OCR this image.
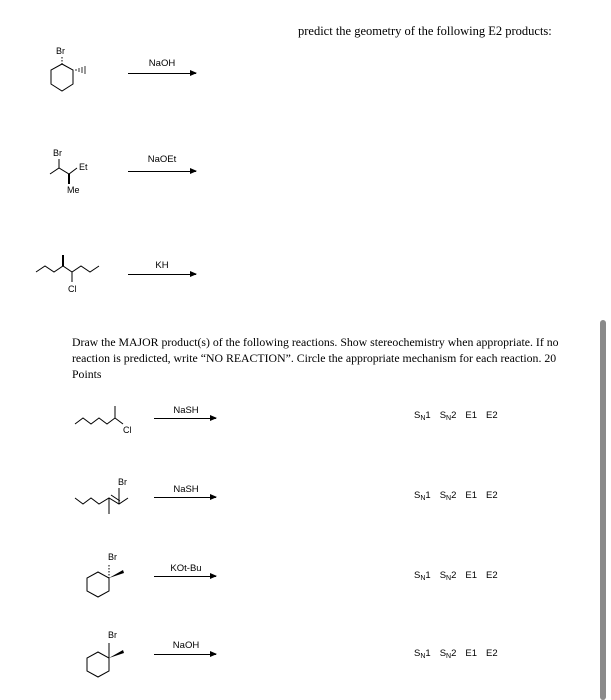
predict the geometry of the following E2 products:
Br
NaOH
Br
Et
Me
NaOEt
Cl
KH
Draw the MAJOR product(s) of the following reactions. Show stereochemistry when appropriate. If no reaction is predicted, write “NO REACTION”. Circle the appropriate mechanism for each reaction. 20 Points
Cl
NaSH	$S_N1$ $S_N2$ E1 E2
Br
NaSH
$S_N1$ $S_N2$ E1 E2
Br
KOt-Bu
$S_N1$ $S_N2$ E1 E2
Br
NaOH
$S_N1$ $S_N2$ E1 E2
